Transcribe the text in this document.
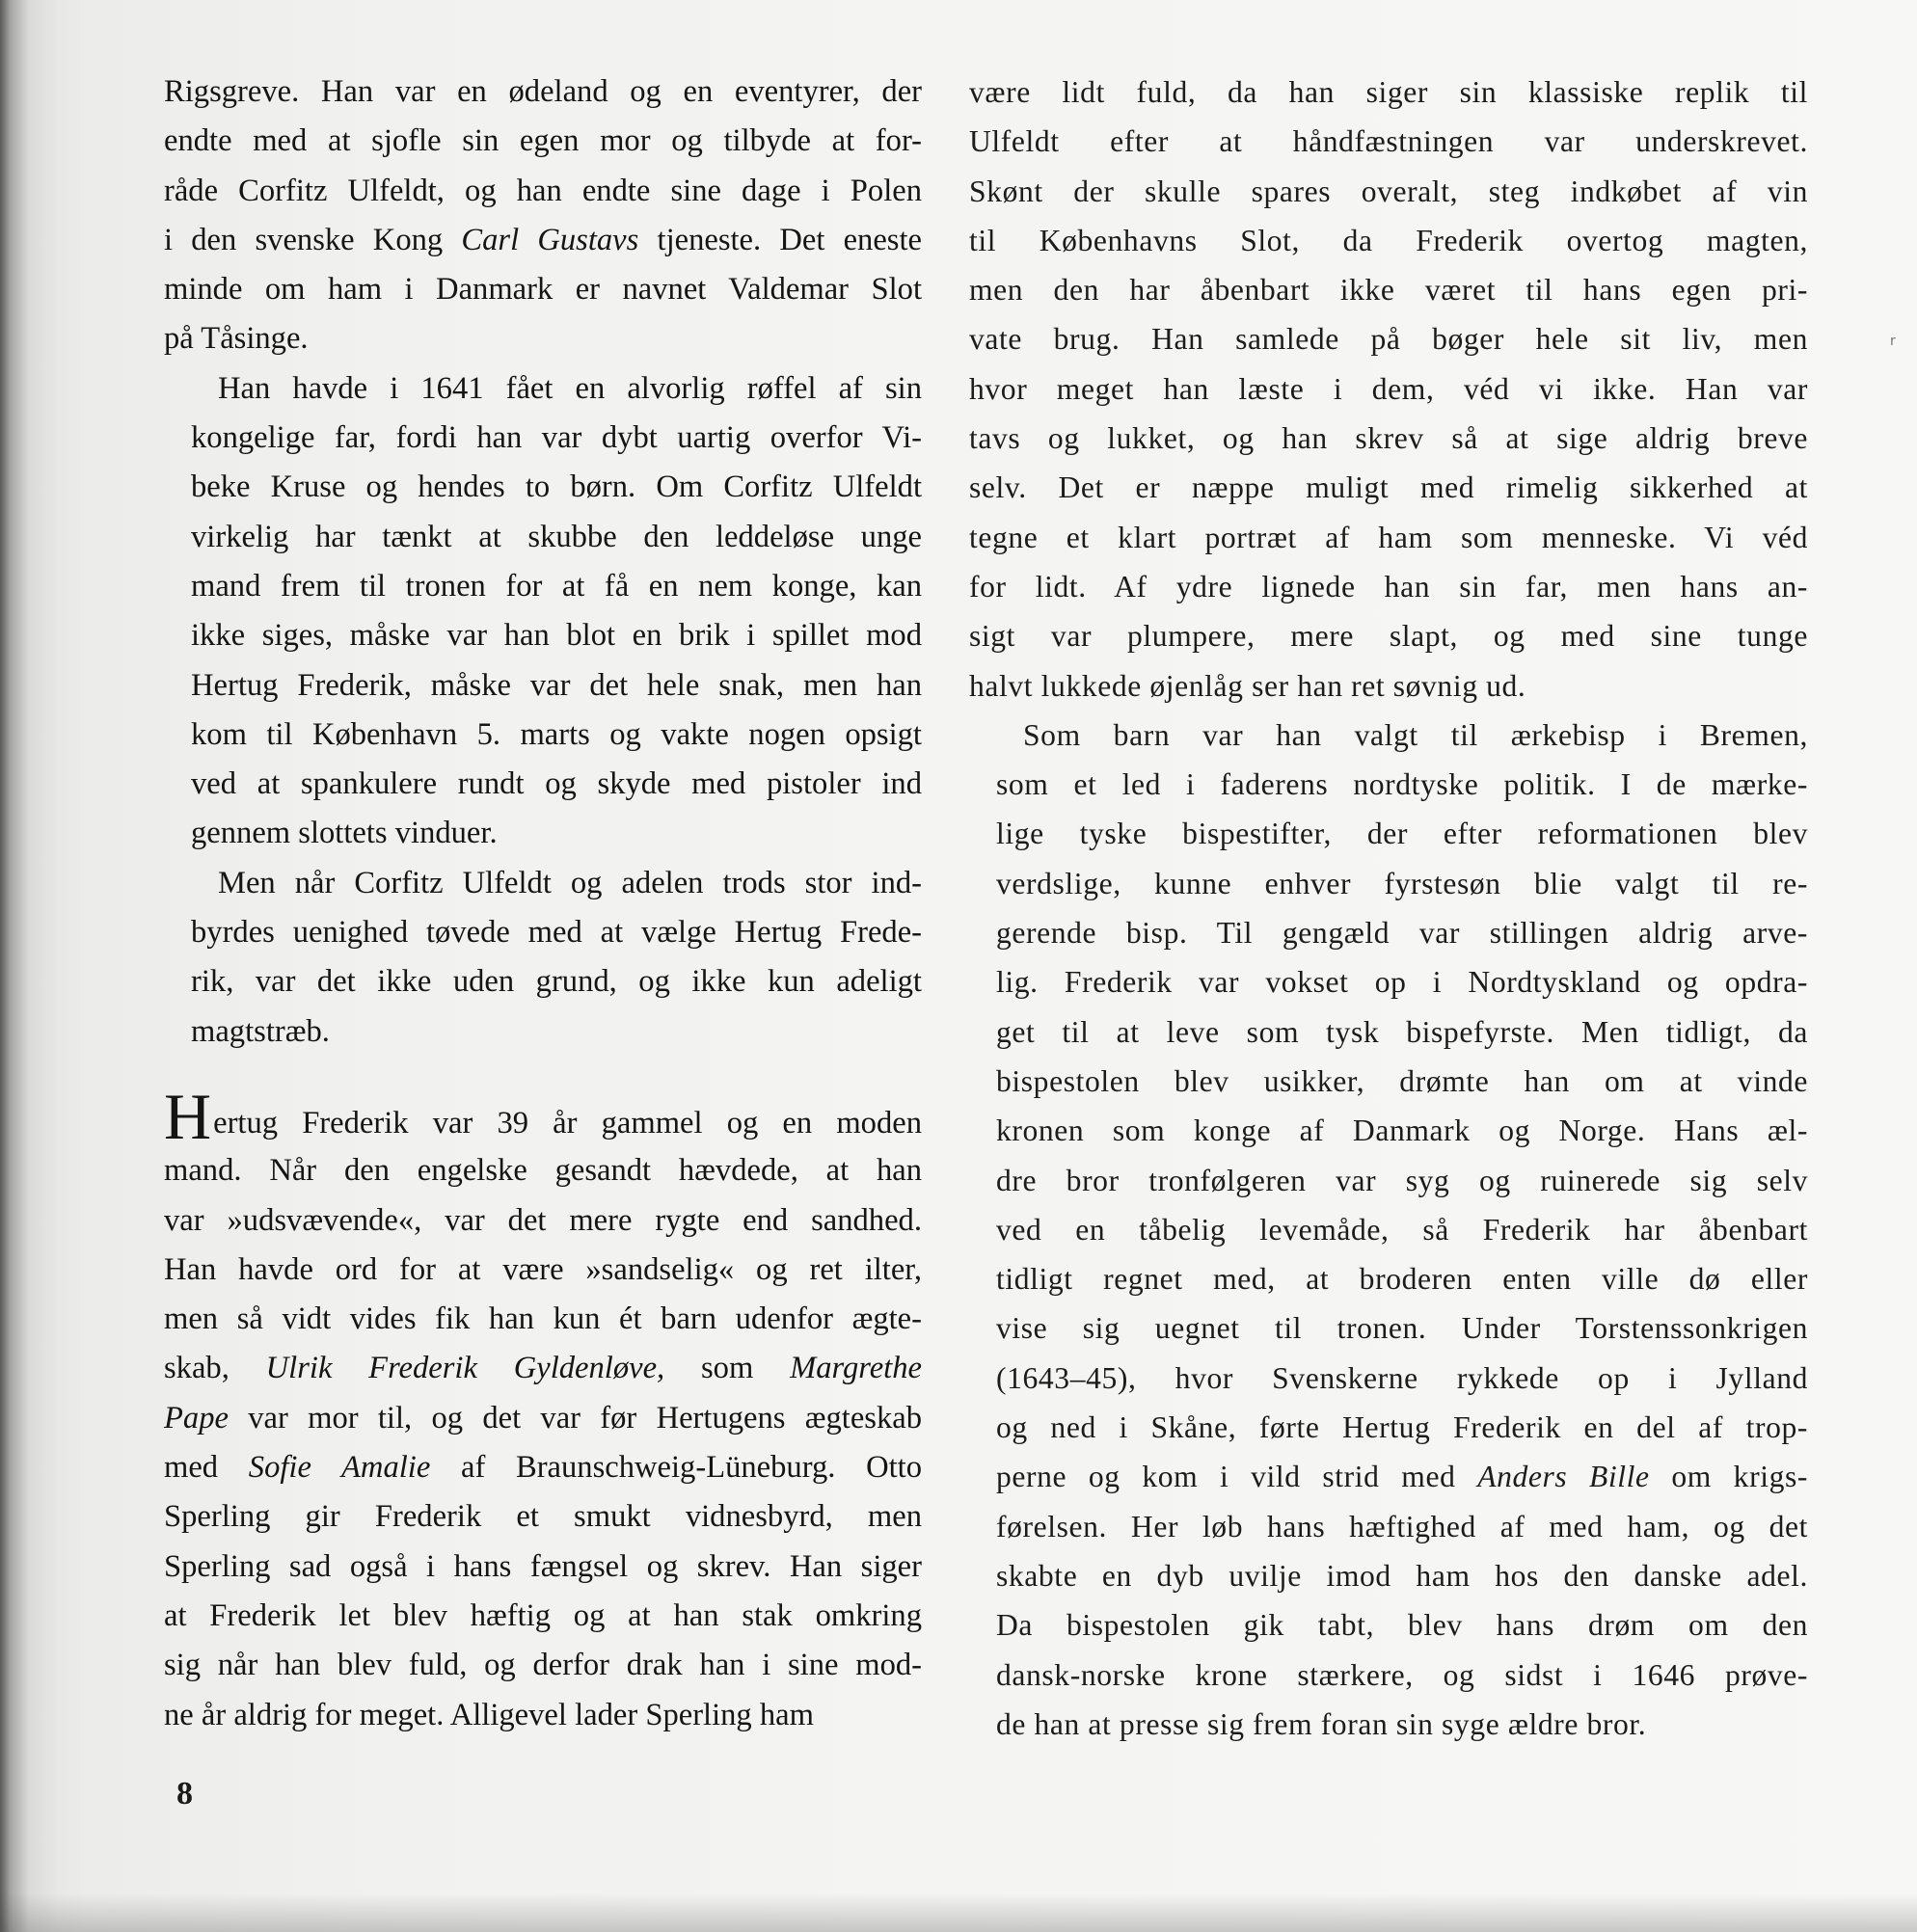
Rigsgreve. Han var en ødeland og en eventyrer, der
endte med at sjofle sin egen mor og tilbyde at for-
råde Corfitz Ulfeldt, og han endte sine dage i Polen
i den svenske Kong Carl Gustavs tjeneste. Det eneste
minde om ham i Danmark er navnet Valdemar Slot
på Tåsinge.

Han havde i 1641 fået en alvorlig røffel af sin
kongelige far, fordi han var dybt uartig overfor Vi-
beke Kruse og hendes to børn. Om Corfitz Ulfeldt
virkelig har tænkt at skubbe den leddeløse unge
mand frem til tronen for at få en nem konge, kan
ikke siges, måske var han blot en brik i spillet mod
Hertug Frederik, måske var det hele snak, men han
kom til København 5. marts og vakte nogen opsigt
ved at spankulere rundt og skyde med pistoler ind
gennem slottets vinduer.

Men når Corfitz Ulfeldt og adelen trods stor ind-
byrdes uenighed tøvede med at vælge Hertug Frede-
rik, var det ikke uden grund, og ikke kun adeligt
magtstræb.

Hertug Frederik var 39 år gammel og en moden
mand. Når den engelske gesandt hævdede, at han
var »udsvævende«, var det mere rygte end sandhed.
Han havde ord for at være »sandselig« og ret ilter,
men så vidt vides fik han kun ét barn udenfor ægte-
skab, Ulrik Frederik Gyldenløve, som Margrethe
Pape var mor til, og det var før Hertugens ægteskab
med Sofie Amalie af Braunschweig-Lüneburg. Otto
Sperling gir Frederik et smukt vidnesbyrd, men
Sperling sad også i hans fængsel og skrev. Han siger
at Frederik let blev hæftig og at han stak omkring
sig når han blev fuld, og derfor drak han i sine mod-
ne år aldrig for meget. Alligevel lader Sperling ham

være lidt fuld, da han siger sin klassiske replik til
Ulfeldt efter at håndfæstningen var underskrevet.
Skønt der skulle spares overalt, steg indkøbet af vin
til Københavns Slot, da Frederik overtog magten,
men den har åbenbart ikke været til hans egen pri-
vate brug. Han samlede på bøger hele sit liv, men
hvor meget han læste i dem, véd vi ikke. Han var
tavs og lukket, og han skrev så at sige aldrig breve
selv. Det er næppe muligt med rimelig sikkerhed at
tegne et klart portræt af ham som menneske. Vi véd
for lidt. Af ydre lignede han sin far, men hans an-
sigt var plumpere, mere slapt, og med sine tunge
halvt lukkede øjenlåg ser han ret søvnig ud.

Som barn var han valgt til ærkebisp i Bremen,
som et led i faderens nordtyske politik. I de mærke-
lige tyske bispestifter, der efter reformationen blev
verdslige, kunne enhver fyrstesøn blie valgt til re-
gerende bisp. Til gengæld var stillingen aldrig arve-
lig. Frederik var vokset op i Nordtyskland og opdra-
get til at leve som tysk bispefyrste. Men tidligt, da
bispestolen blev usikker, drømte han om at vinde
kronen som konge af Danmark og Norge. Hans æl-
dre bror tronfølgeren var syg og ruinerede sig selv
ved en tåbelig levemåde, så Frederik har åbenbart
tidligt regnet med, at broderen enten ville dø eller
vise sig uegnet til tronen. Under Torstenssonkrigen
(1643–45), hvor Svenskerne rykkede op i Jylland
og ned i Skåne, førte Hertug Frederik en del af trop-
perne og kom i vild strid med Anders Bille om krigs-
førelsen. Her løb hans hæftighed af med ham, og det
skabte en dyb uvilje imod ham hos den danske adel.
Da bispestolen gik tabt, blev hans drøm om den
dansk-norske krone stærkere, og sidst i 1646 prøve-
de han at presse sig frem foran sin syge ældre bror.

8
r
